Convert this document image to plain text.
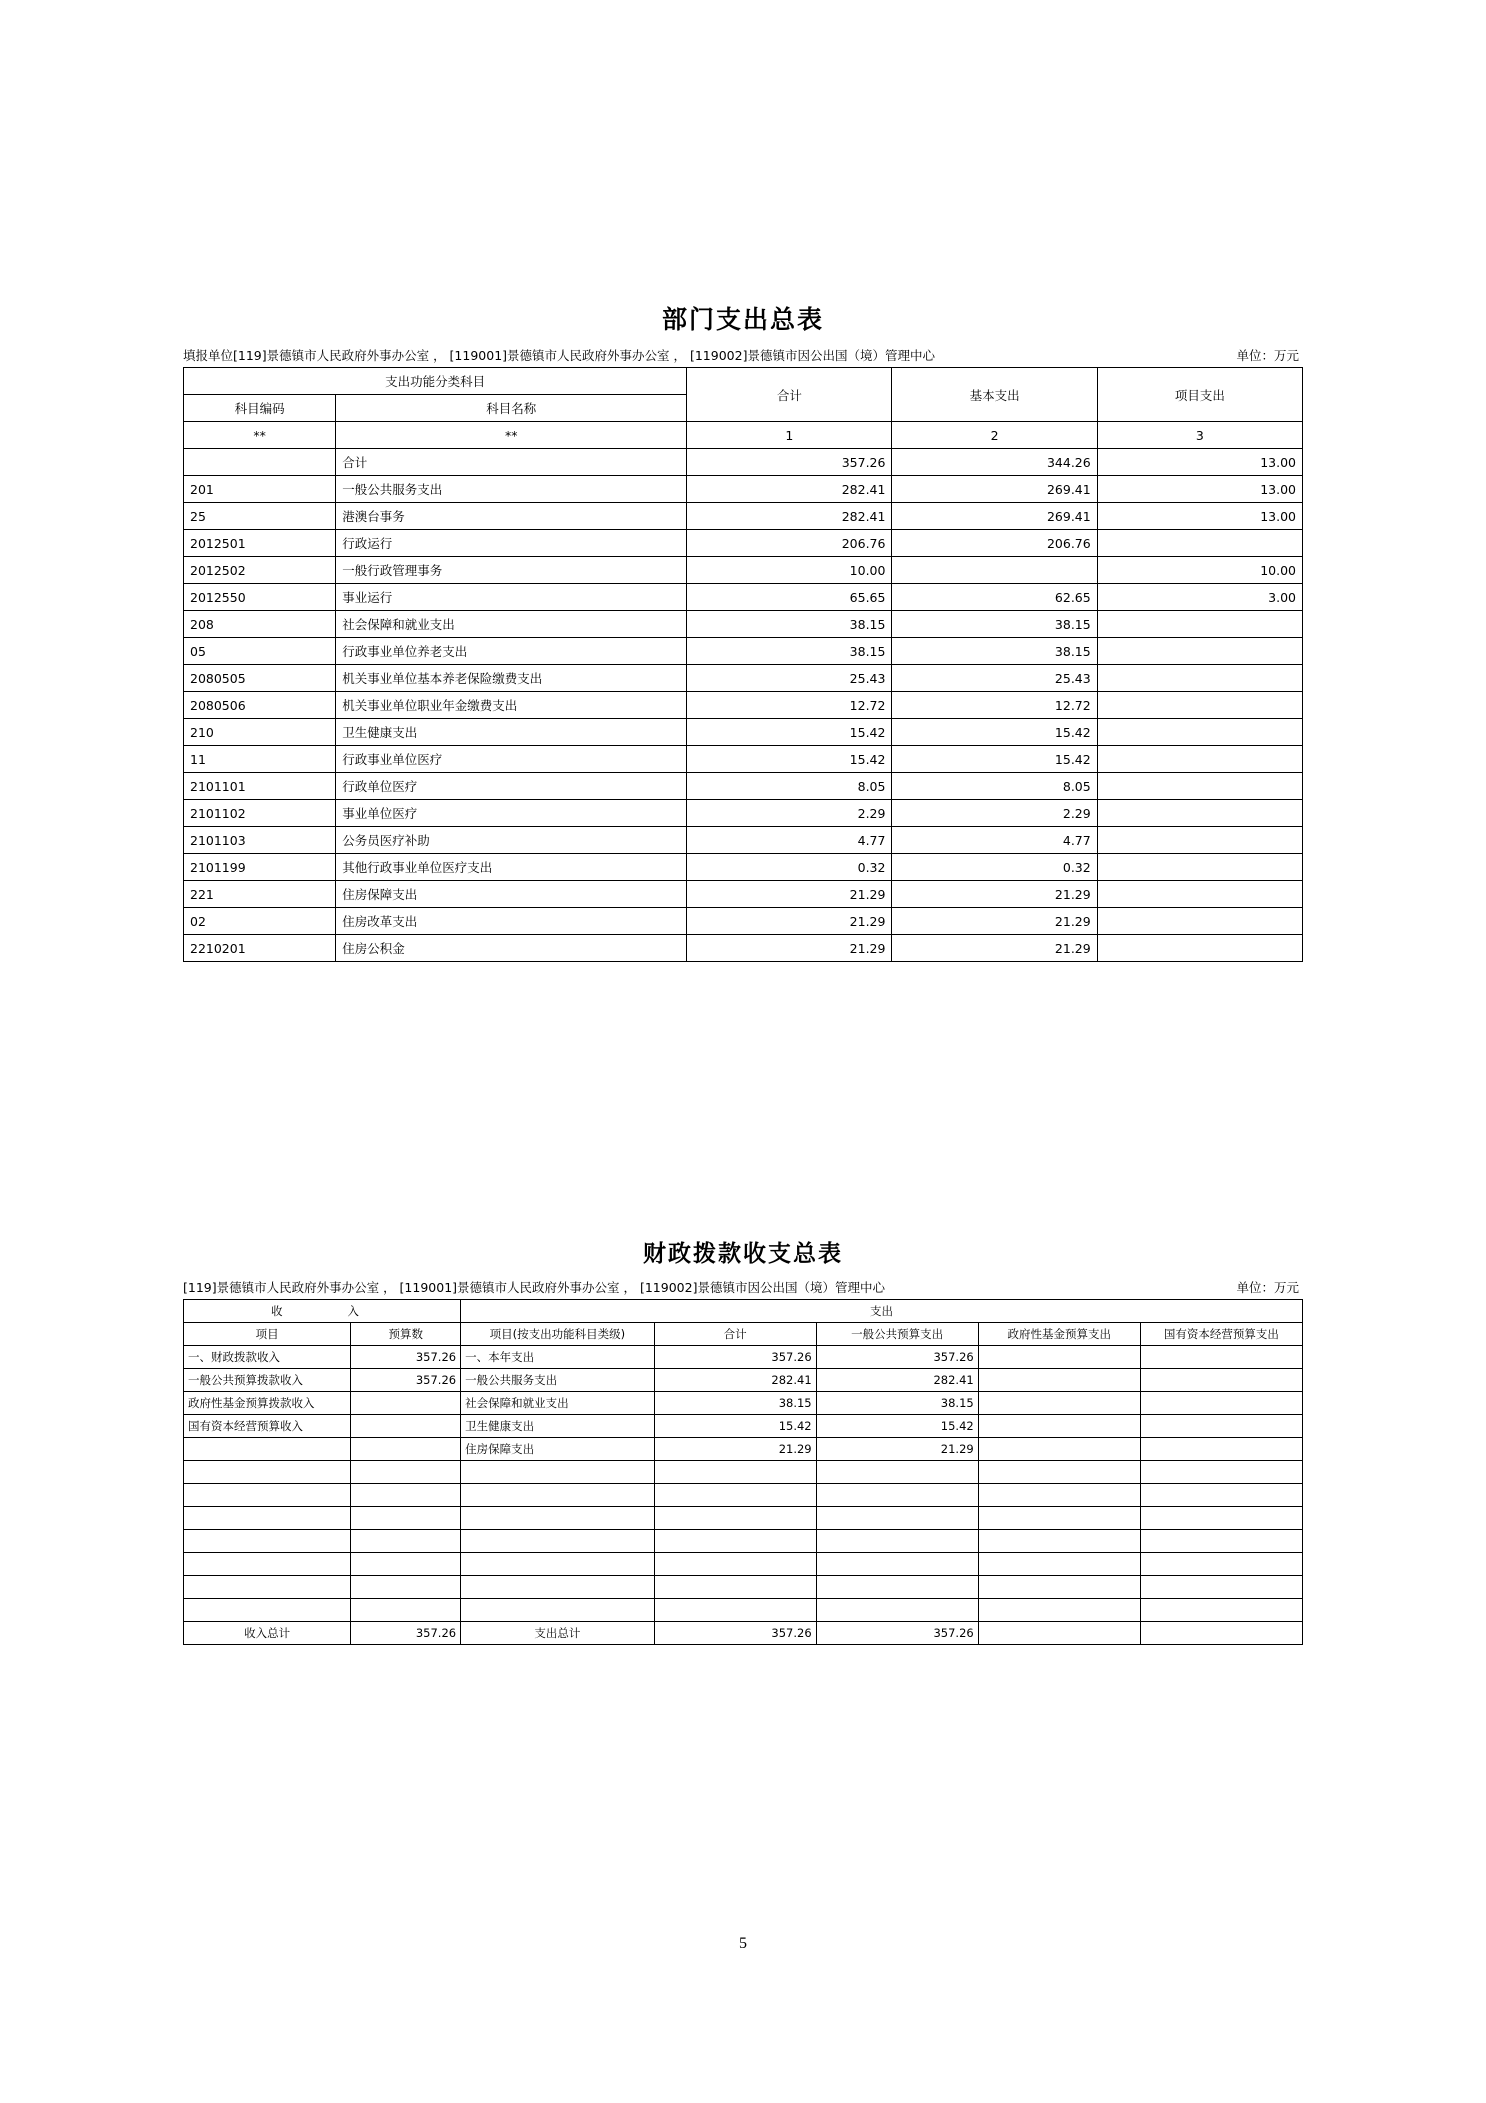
部门支出总表
填报单位[119]景德镇市人民政府外事办公室 ， [119001]景德镇市人民政府外事办公室 ， [119002]景德镇市因公出国（境）管理中心	单位：万元
支出功能分类科目		合计	基本支出	项目支出
科目编码	科目名称			
**	**	1	2	3
	合计	357.26	344.26	13.00
201	一般公共服务支出	282.41	269.41	13.00
25	港澳台事务	282.41	269.41	13.00
2012501	行政运行	206.76	206.76	
2012502	一般行政管理事务	10.00		10.00
2012550	事业运行	65.65	62.65	3.00
208	社会保障和就业支出	38.15	38.15	
05	行政事业单位养老支出	38.15	38.15	
2080505	机关事业单位基本养老保险缴费支出	25.43	25.43	
2080506	机关事业单位职业年金缴费支出	12.72	12.72	
210	卫生健康支出	15.42	15.42	
11	行政事业单位医疗	15.42	15.42	
2101101	行政单位医疗	8.05	8.05	
2101102	事业单位医疗	2.29	2.29	
2101103	公务员医疗补助	4.77	4.77	
2101199	其他行政事业单位医疗支出	0.32	0.32	
221	住房保障支出	21.29	21.29	
02	住房改革支出	21.29	21.29	
2210201	住房公积金	21.29	21.29	
财政拨款收支总表
[119]景德镇市人民政府外事办公室 ， [119001]景德镇市人民政府外事办公室 ， [119002]景德镇市因公出国（境）管理中心	单位：万元
收　　入		支出				
项目	预算数	项目(按支出功能科目类级)	合计	一般公共预算支出	政府性基金预算支出	国有资本经营预算支出
一、财政拨款收入	357.26	一、本年支出	357.26	357.26		
一般公共预算拨款收入	357.26	一般公共服务支出	282.41	282.41		
政府性基金预算拨款收入		社会保障和就业支出	38.15	38.15		
国有资本经营预算收入		卫生健康支出	15.42	15.42		
		住房保障支出	21.29	21.29		

收入总计	357.26	支出总计	357.26	357.26		
5
